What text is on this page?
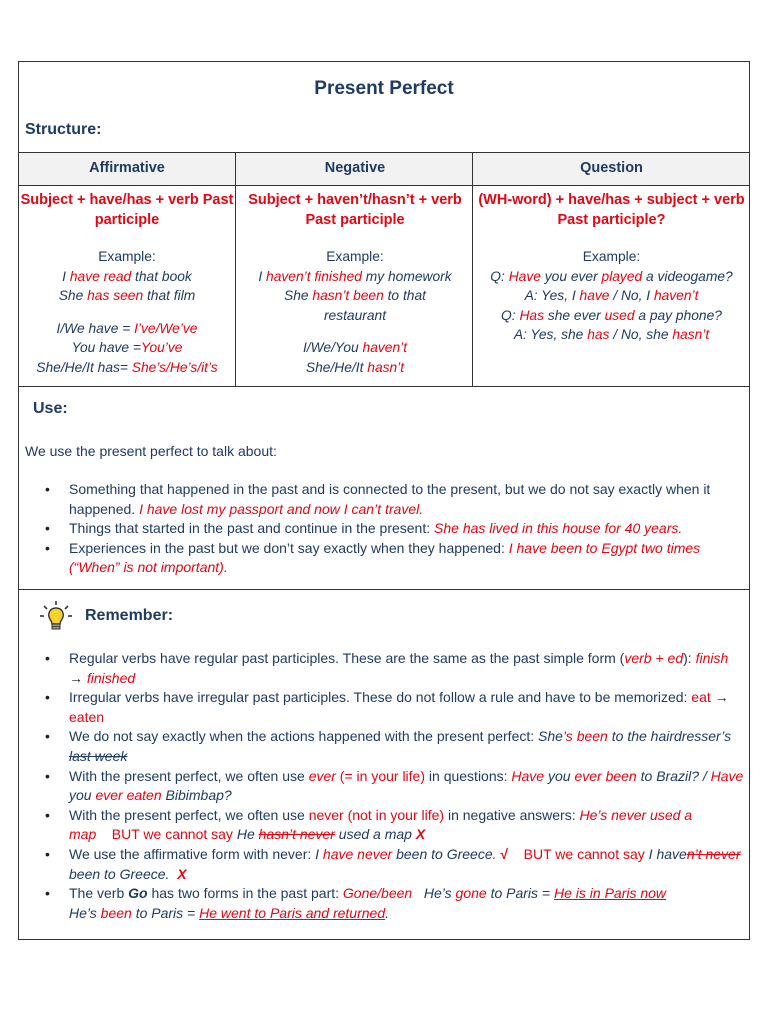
Present Perfect
Structure:
Affirmative	Negative	Question
Subject + have/has + verb Past participle
Example:
I have read that book
She has seen that film
I/We have = I’ve/We’ve
You have =You’ve
She/He/It has= She’s/He’s/it’s
Subject + haven’t/hasn’t + verb Past participle
Example:
I haven’t finished my homework
She hasn’t been to that
restaurant
I/We/You haven’t
She/He/It hasn’t
(WH-word) + have/has + subject + verb Past participle?
Example:
Q: Have you ever played a videogame?
A: Yes, I have / No, I haven’t
Q: Has she ever used a pay phone?
A: Yes, she has / No, she hasn’t
Use:
We use the present perfect to talk about:
• Something that happened in the past and is connected to the present, but we do not say exactly when it happened. I have lost my passport and now I can’t travel.
• Things that started in the past and continue in the present: She has lived in this house for 40 years.
• Experiences in the past but we don’t say exactly when they happened: I have been to Egypt two times (“When” is not important).
Remember:
• Regular verbs have regular past participles. These are the same as the past simple form (verb + ed): finish → finished
• Irregular verbs have irregular past participles. These do not follow a rule and have to be memorized: eat → eaten
• We do not say exactly when the actions happened with the present perfect: She’s been to the hairdresser’s last week
• With the present perfect, we often use ever (= in your life) in questions: Have you ever been to Brazil? / Have you ever eaten Bibimbap?
• With the present perfect, we often use never (not in your life) in negative answers: He’s never used a map BUT we cannot say He hasn’t never used a map X
• We use the affirmative form with never: I have never been to Greece. √ BUT we cannot say I haven’t never been to Greece.  X
• The verb Go has two forms in the past part: Gone/been He’s gone to Paris = He is in Paris now
He’s been to Paris = He went to Paris and returned.
